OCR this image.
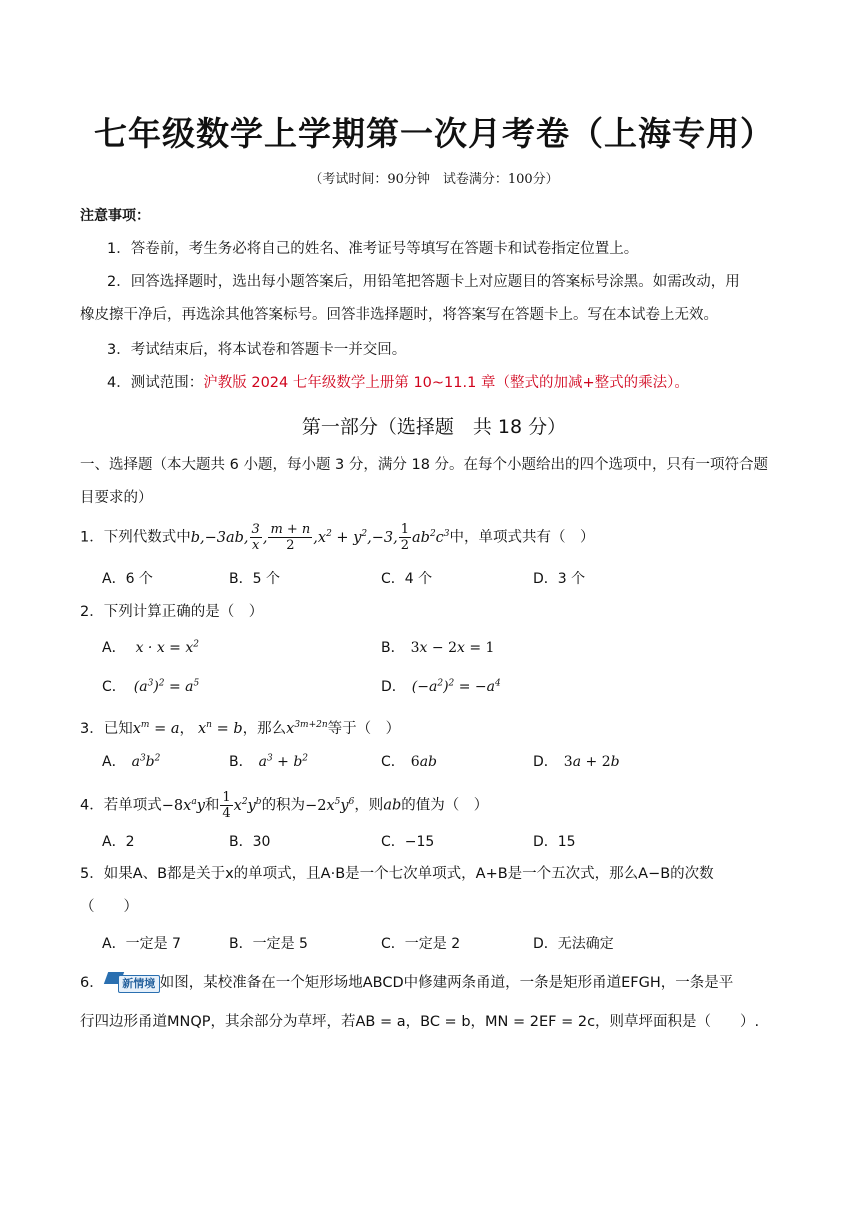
七年级数学上学期第一次月考卷（上海专用）
（考试时间：90分钟　试卷满分：100分）
注意事项：
1．答卷前，考生务必将自己的姓名、准考证号等填写在答题卡和试卷指定位置上。
2．回答选择题时，选出每小题答案后，用铅笔把答题卡上对应题目的答案标号涂黑。如需改动，用
橡皮擦干净后，再选涂其他答案标号。回答非选择题时，将答案写在答题卡上。写在本试卷上无效。
3．考试结束后，将本试卷和答题卡一并交回。
4．测试范围：沪教版 2024 七年级数学上册第 10~11.1 章（整式的加减+整式的乘法）。
第一部分（选择题　共 18 分）
一、选择题（本大题共 6 小题，每小题 3 分，满分 18 分。在每个小题给出的四个选项中，只有一项符合题
目要求的）
1．下列代数式中b,−3ab, $\frac{3}{x}$ , $\frac{m + n}{2} ,x^2 + y^2,-3$, $\frac{1}{2} ab^2c^3$中，单项式共有（　）
A．6 个	B．5 个	C．4 个	D．3 个
2．下列计算正确的是（　）
A． $x \cdot x = x^2$	B． 3x − 2x = 1
C． $(a^3)^2 = a^5$	D． $(-a^2)^2 = -a^4$
3．已知$x^m = a$， $x^n = b$，那么$x^{3m+2n}$等于（　）
A． $a^3b^2$	B． $a^3 + b^2$	C． 6ab	D． 3a + 2b
4．若单项式$-8x^ay$和 $\frac{1}{4} x^2y^b$的积为$-2x^5y^6$，则ab的值为（　）
A．2	B．30	C．−15	D．15
5．如果A、B都是关于x的单项式，且A·B是一个七次单项式，A+B是一个五次式，那么A−B的次数
（　　）
A．一定是 7	B．一定是 5	C．一定是 2	D．无法确定
6．	新情境 如图，某校准备在一个矩形场地ABCD中修建两条甬道，一条是矩形甬道EFGH，一条是平
行四边形甬道MNQP，其余部分为草坪，若AB = a，BC = b，MN = 2EF = 2c，则草坪面积是（　　）.
